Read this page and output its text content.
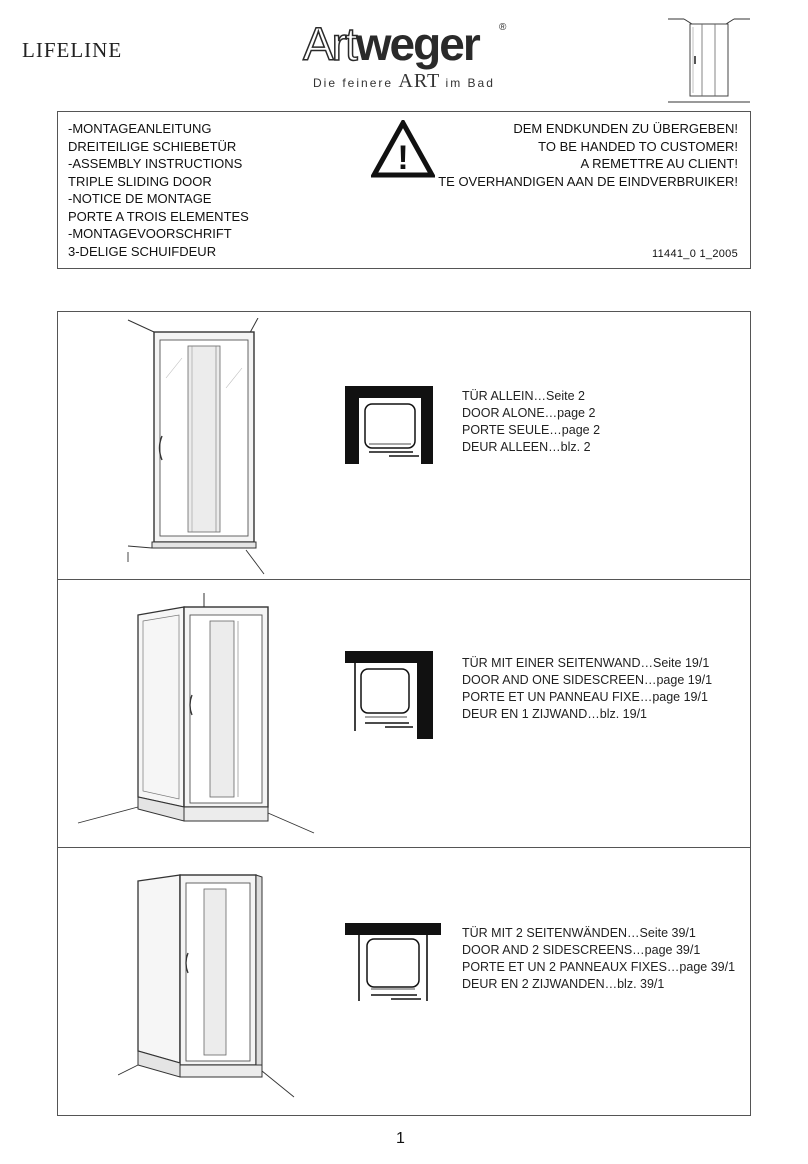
LIFELINE	Artweger ®
Die feinere ART im Bad
-MONTAGEANLEITUNG
DREITEILIGE SCHIEBETÜR
-ASSEMBLY INSTRUCTIONS
TRIPLE SLIDING DOOR
-NOTICE DE MONTAGE
PORTE A TROIS ELEMENTES
-MONTAGEVOORSCHRIFT
3-DELIGE SCHUIFDEUR
!
DEM ENDKUNDEN ZU ÜBERGEBEN!
TO BE HANDED TO CUSTOMER!
A REMETTRE AU CLIENT!
TE OVERHANDIGEN AAN DE EINDVERBRUIKER!
11441_0 1_2005
TÜR ALLEIN…Seite 2
DOOR ALONE…page 2
PORTE SEULE…page 2
DEUR ALLEEN…blz. 2
TÜR MIT EINER SEITENWAND…Seite 19/1
DOOR AND ONE SIDESCREEN…page 19/1
PORTE ET UN PANNEAU FIXE…page 19/1
DEUR EN 1 ZIJWAND…blz. 19/1
TÜR MIT 2 SEITENWÄNDEN…Seite 39/1
DOOR AND 2 SIDESCREENS…page 39/1
PORTE ET UN 2 PANNEAUX FIXES…page 39/1
DEUR EN 2 ZIJWANDEN…blz. 39/1
1
